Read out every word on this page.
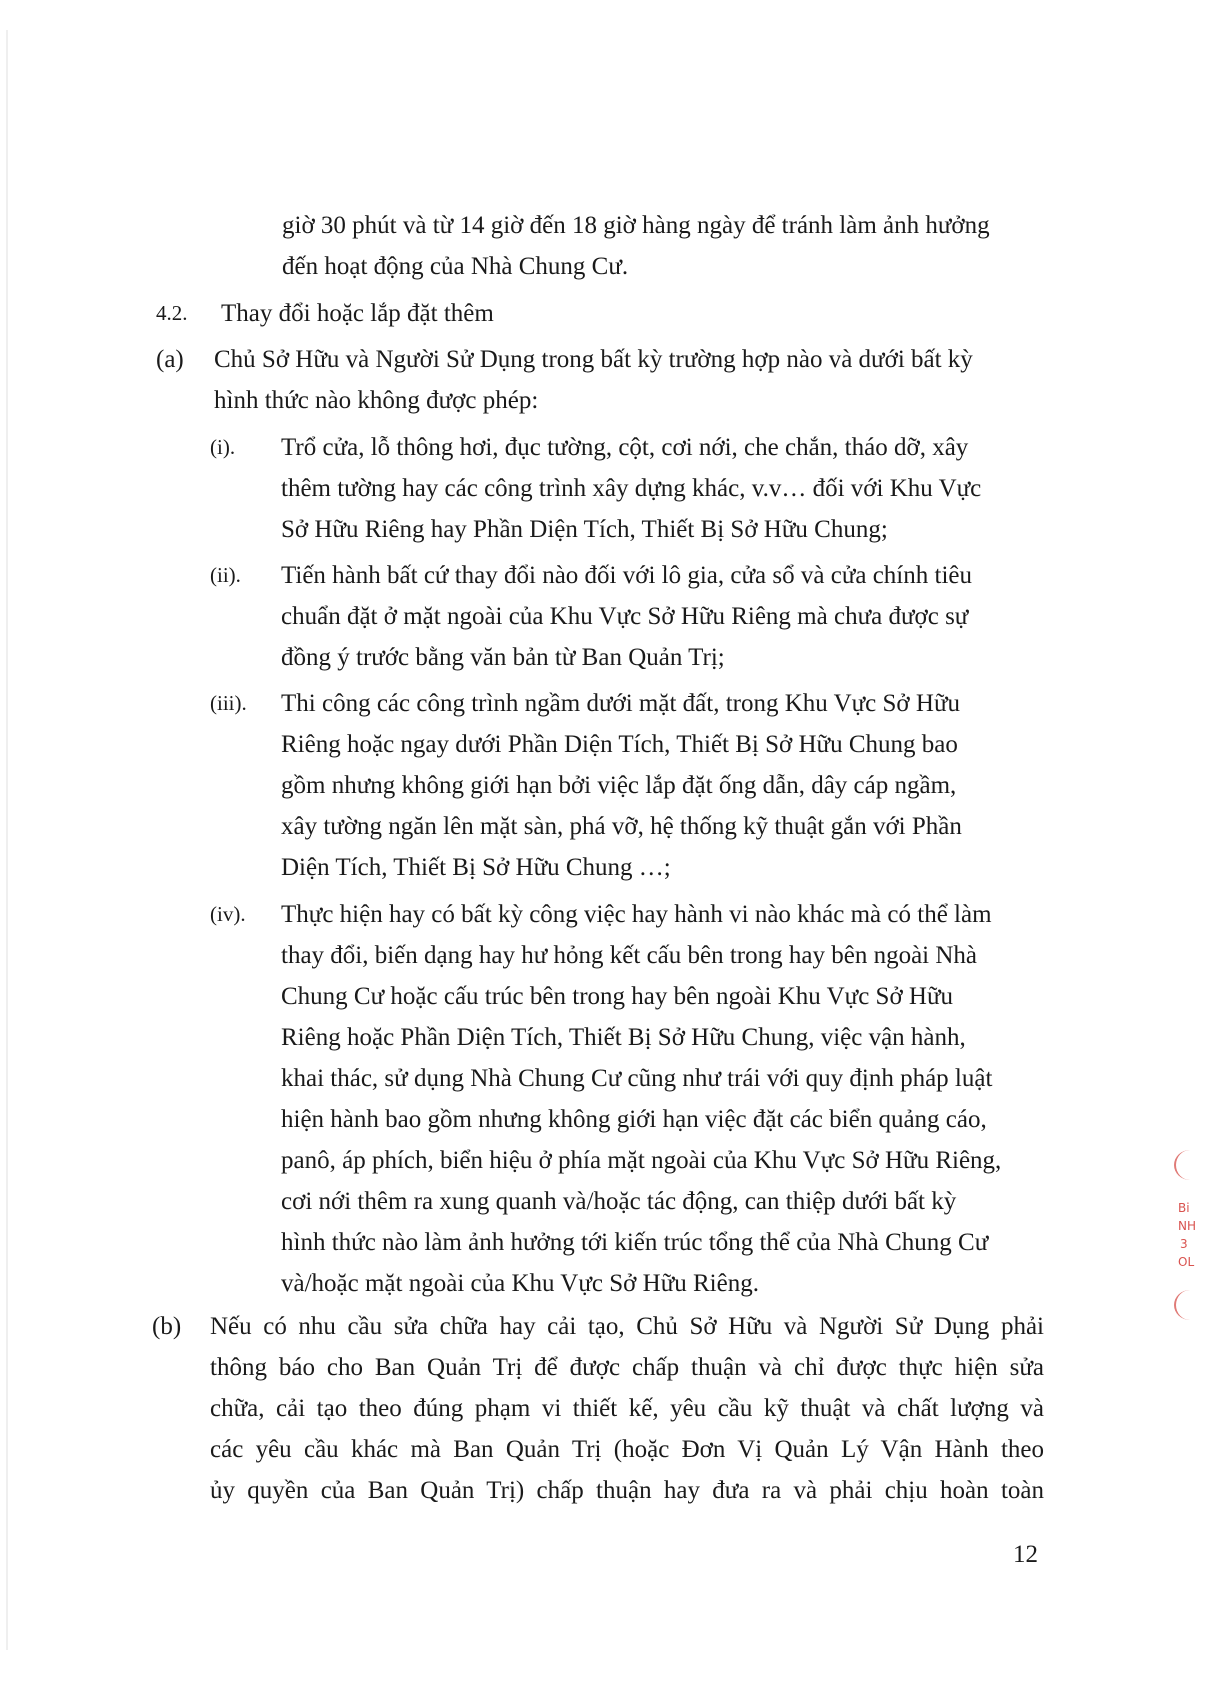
giờ 30 phút và từ 14 giờ đến 18 giờ hàng ngày để tránh làm ảnh hưởng
đến hoạt động của Nhà Chung Cư.
4.2. Thay đổi hoặc lắp đặt thêm
(a) Chủ Sở Hữu và Người Sử Dụng trong bất kỳ trường hợp nào và dưới bất kỳ
hình thức nào không được phép:
(i). Trổ cửa, lỗ thông hơi, đục tường, cột, cơi nới, che chắn, tháo dỡ, xây
thêm tường hay các công trình xây dựng khác, v.v… đối với Khu Vực
Sở Hữu Riêng hay Phần Diện Tích, Thiết Bị Sở Hữu Chung;
(ii). Tiến hành bất cứ thay đổi nào đối với lô gia, cửa sổ và cửa chính tiêu
chuẩn đặt ở mặt ngoài của Khu Vực Sở Hữu Riêng mà chưa được sự
đồng ý trước bằng văn bản từ Ban Quản Trị;
(iii). Thi công các công trình ngầm dưới mặt đất, trong Khu Vực Sở Hữu
Riêng hoặc ngay dưới Phần Diện Tích, Thiết Bị Sở Hữu Chung bao
gồm nhưng không giới hạn bởi việc lắp đặt ống dẫn, dây cáp ngầm,
xây tường ngăn lên mặt sàn, phá vỡ, hệ thống kỹ thuật gắn với Phần
Diện Tích, Thiết Bị Sở Hữu Chung …;
(iv). Thực hiện hay có bất kỳ công việc hay hành vi nào khác mà có thể làm
thay đổi, biến dạng hay hư hỏng kết cấu bên trong hay bên ngoài Nhà
Chung Cư hoặc cấu trúc bên trong hay bên ngoài Khu Vực Sở Hữu
Riêng hoặc Phần Diện Tích, Thiết Bị Sở Hữu Chung, việc vận hành,
khai thác, sử dụng Nhà Chung Cư cũng như trái với quy định pháp luật
hiện hành bao gồm nhưng không giới hạn việc đặt các biển quảng cáo,
panô, áp phích, biển hiệu ở phía mặt ngoài của Khu Vực Sở Hữu Riêng,
cơi nới thêm ra xung quanh và/hoặc tác động, can thiệp dưới bất kỳ
hình thức nào làm ảnh hưởng tới kiến trúc tổng thể của Nhà Chung Cư
và/hoặc mặt ngoài của Khu Vực Sở Hữu Riêng.
(b) Nếu có nhu cầu sửa chữa hay cải tạo, Chủ Sở Hữu và Người Sử Dụng phải
thông báo cho Ban Quản Trị để được chấp thuận và chỉ được thực hiện sửa
chữa, cải tạo theo đúng phạm vi thiết kế, yêu cầu kỹ thuật và chất lượng và
các yêu cầu khác mà Ban Quản Trị (hoặc Đơn Vị Quản Lý Vận Hành theo
ủy quyền của Ban Quản Trị) chấp thuận hay đưa ra và phải chịu hoàn toàn
Bi
NH
3
OL
12
